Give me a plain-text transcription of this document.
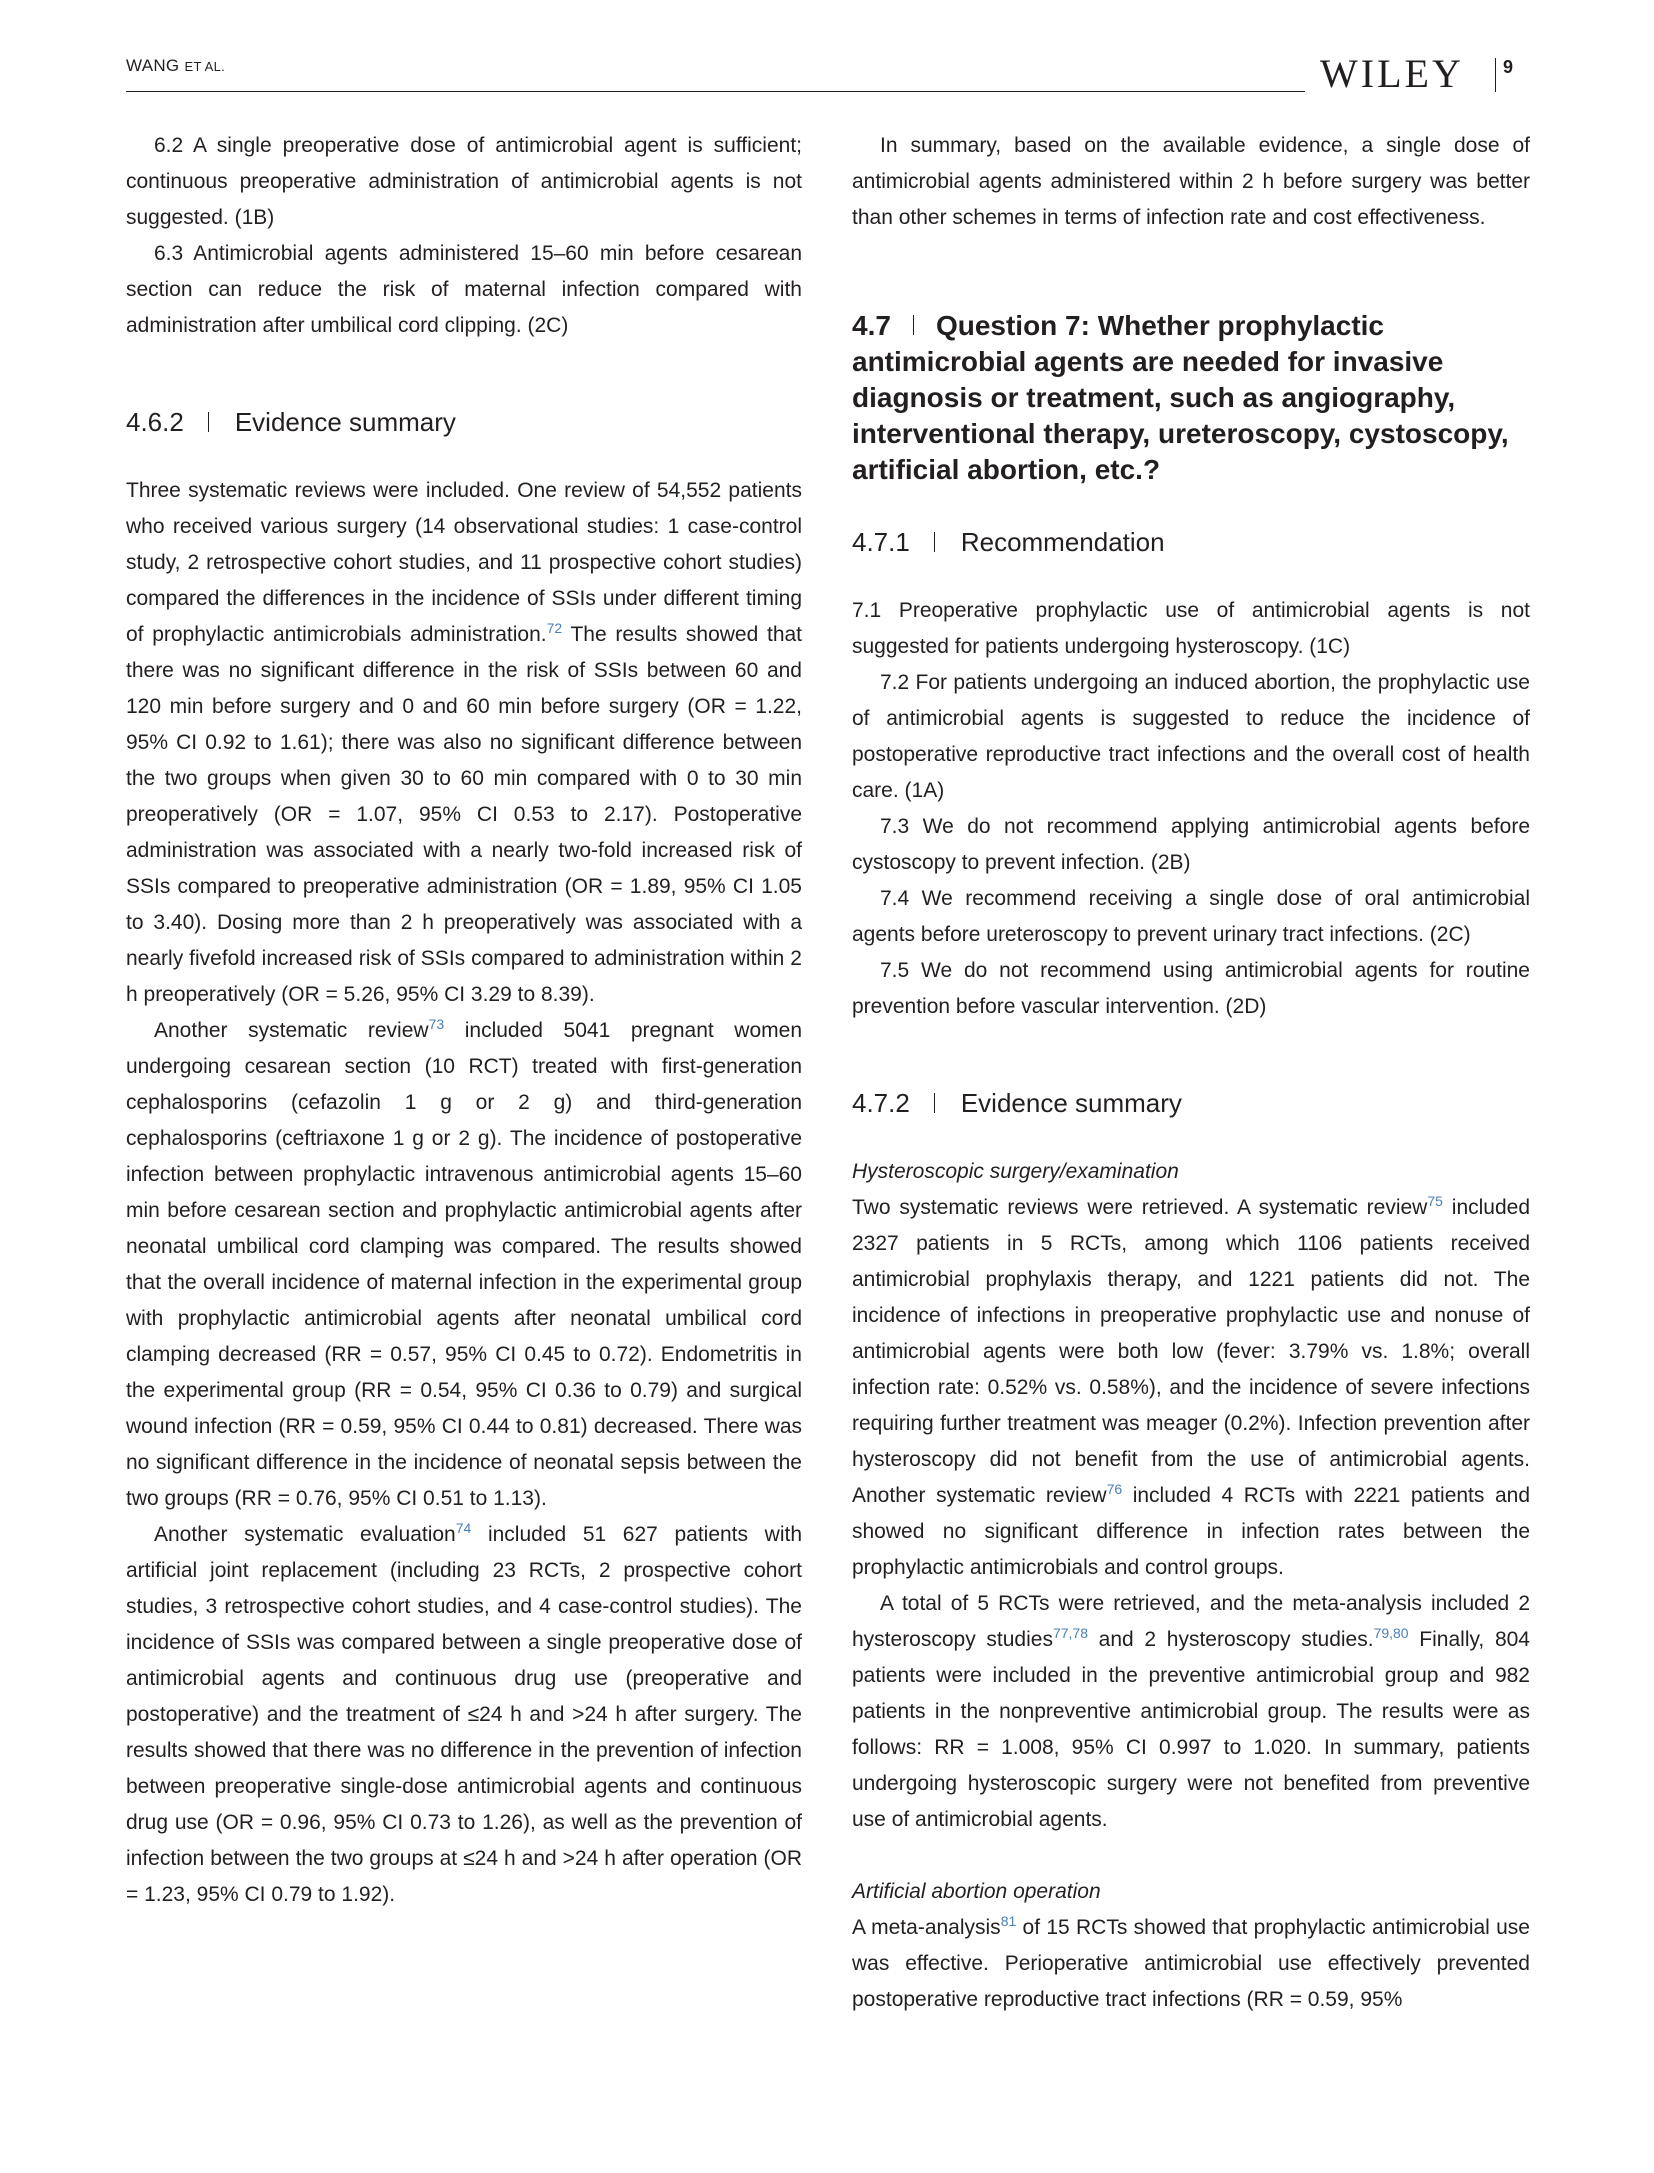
WANG ET AL.	WILEY	9

6.2 A single preoperative dose of antimicrobial agent is sufficient; continuous preoperative administration of antimicrobial agents is not suggested. (1B)

6.3 Antimicrobial agents administered 15–60 min before cesarean section can reduce the risk of maternal infection compared with administration after umbilical cord clipping. (2C)

4.6.2 Evidence summary

Three systematic reviews were included. One review of 54,552 patients who received various surgery (14 observational studies: 1 case-control study, 2 retrospective cohort studies, and 11 prospective cohort studies) compared the differences in the incidence of SSIs under different timing of prophylactic antimicrobials administration.$^{72}$ The results showed that there was no significant difference in the risk of SSIs between 60 and 120 min before surgery and 0 and 60 min before surgery (OR = 1.22, 95% CI 0.92 to 1.61); there was also no significant difference between the two groups when given 30 to 60 min compared with 0 to 30 min preoperatively (OR = 1.07, 95% CI 0.53 to 2.17). Postoperative administration was associated with a nearly two-fold increased risk of SSIs compared to preoperative administration (OR = 1.89, 95% CI 1.05 to 3.40). Dosing more than 2 h preoperatively was associated with a nearly fivefold increased risk of SSIs compared to administration within 2 h preoperatively (OR = 5.26, 95% CI 3.29 to 8.39).

Another systematic review$^{73}$ included 5041 pregnant women undergoing cesarean section (10 RCT) treated with first-generation cephalosporins (cefazolin 1 g or 2 g) and third-generation cephalosporins (ceftriaxone 1 g or 2 g). The incidence of postoperative infection between prophylactic intravenous antimicrobial agents 15–60 min before cesarean section and prophylactic antimicrobial agents after neonatal umbilical cord clamping was compared. The results showed that the overall incidence of maternal infection in the experimental group with prophylactic antimicrobial agents after neonatal umbilical cord clamping decreased (RR = 0.57, 95% CI 0.45 to 0.72). Endometritis in the experimental group (RR = 0.54, 95% CI 0.36 to 0.79) and surgical wound infection (RR = 0.59, 95% CI 0.44 to 0.81) decreased. There was no significant difference in the incidence of neonatal sepsis between the two groups (RR = 0.76, 95% CI 0.51 to 1.13).

Another systematic evaluation$^{74}$ included 51 627 patients with artificial joint replacement (including 23 RCTs, 2 prospective cohort studies, 3 retrospective cohort studies, and 4 case-control studies). The incidence of SSIs was compared between a single preoperative dose of antimicrobial agents and continuous drug use (preoperative and postoperative) and the treatment of ≤24 h and >24 h after surgery. The results showed that there was no difference in the prevention of infection between preoperative single-dose antimicrobial agents and continuous drug use (OR = 0.96, 95% CI 0.73 to 1.26), as well as the prevention of infection between the two groups at ≤24 h and >24 h after operation (OR = 1.23, 95% CI 0.79 to 1.92).

In summary, based on the available evidence, a single dose of antimicrobial agents administered within 2 h before surgery was better than other schemes in terms of infection rate and cost effectiveness.

4.7 Question 7: Whether prophylactic antimicrobial agents are needed for invasive diagnosis or treatment, such as angiography, interventional therapy, ureteroscopy, cystoscopy, artificial abortion, etc.?
4.7.1 Recommendation

7.1 Preoperative prophylactic use of antimicrobial agents is not suggested for patients undergoing hysteroscopy. (1C)

7.2 For patients undergoing an induced abortion, the prophylactic use of antimicrobial agents is suggested to reduce the incidence of postoperative reproductive tract infections and the overall cost of health care. (1A)

7.3 We do not recommend applying antimicrobial agents before cystoscopy to prevent infection. (2B)

7.4 We recommend receiving a single dose of oral antimicrobial agents before ureteroscopy to prevent urinary tract infections. (2C)

7.5 We do not recommend using antimicrobial agents for routine prevention before vascular intervention. (2D)

4.7.2 Evidence summary
Hysteroscopic surgery/examination

Two systematic reviews were retrieved. A systematic review$^{75}$ included 2327 patients in 5 RCTs, among which 1106 patients received antimicrobial prophylaxis therapy, and 1221 patients did not. The incidence of infections in preoperative prophylactic use and nonuse of antimicrobial agents were both low (fever: 3.79% vs. 1.8%; overall infection rate: 0.52% vs. 0.58%), and the incidence of severe infections requiring further treatment was meager (0.2%). Infection prevention after hysteroscopy did not benefit from the use of antimicrobial agents. Another systematic review$^{76}$ included 4 RCTs with 2221 patients and showed no significant difference in infection rates between the prophylactic antimicrobials and control groups.

A total of 5 RCTs were retrieved, and the meta-analysis included 2 hysteroscopy studies$^{77,78}$ and 2 hysteroscopy studies.$^{79,80}$ Finally, 804 patients were included in the preventive antimicrobial group and 982 patients in the nonpreventive antimicrobial group. The results were as follows: RR = 1.008, 95% CI 0.997 to 1.020. In summary, patients undergoing hysteroscopic surgery were not benefited from preventive use of antimicrobial agents.

Artificial abortion operation

A meta-analysis$^{81}$ of 15 RCTs showed that prophylactic antimicrobial use was effective. Perioperative antimicrobial use effectively prevented postoperative reproductive tract infections (RR = 0.59, 95%
